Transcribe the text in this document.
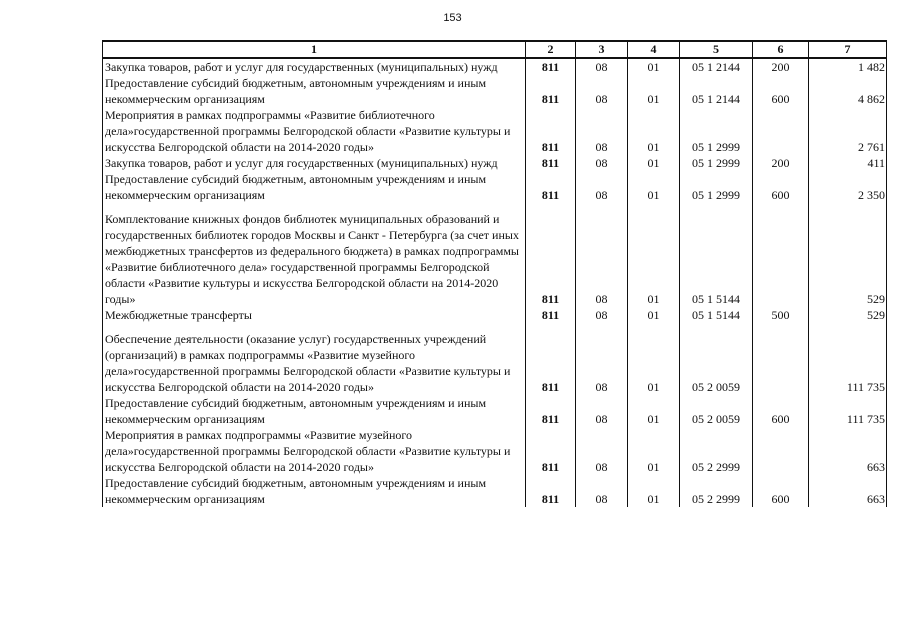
153
1	2	3	4	5	6	7
Закупка товаров, работ и услуг для государственных (муниципальных) нужд	811	08	01	05 1 2144	200	1 482
Предоставление субсидий бюджетным, автономным учреждениям и иным некоммерческим организациям	811	08	01	05 1 2144	600	4 862
Мероприятия в рамках подпрограммы «Развитие библиотечного дела»государственной программы Белгородской области «Развитие культуры и искусства Белгородской области на 2014-2020 годы»	811	08	01	05 1 2999		2 761
Закупка товаров, работ и услуг для государственных (муниципальных) нужд	811	08	01	05 1 2999	200	411
Предоставление субсидий бюджетным, автономным учреждениям и иным некоммерческим организациям	811	08	01	05 1 2999	600	2 350

Комплектование книжных фондов библиотек муниципальных образований и государственных библиотек городов Москвы и Санкт - Петербурга (за счет иных межбюджетных трансфертов из федерального бюджета) в рамках подпрограммы «Развитие библиотечного дела» государственной программы Белгородской области «Развитие культуры и искусства Белгородской области на 2014-2020 годы»	811	08	01	05 1 5144		529
Межбюджетные трансферты	811	08	01	05 1 5144	500	529

Обеспечение деятельности (оказание услуг) государственных учреждений (организаций) в рамках подпрограммы «Развитие музейного дела»государственной программы Белгородской области «Развитие культуры и искусства Белгородской области на 2014-2020 годы»	811	08	01	05 2 0059		111 735
Предоставление субсидий бюджетным, автономным учреждениям и иным некоммерческим организациям	811	08	01	05 2 0059	600	111 735
Мероприятия в рамках подпрограммы «Развитие музейного дела»государственной программы Белгородской области «Развитие культуры и искусства Белгородской области на 2014-2020 годы»	811	08	01	05 2 2999		663
Предоставление субсидий бюджетным, автономным учреждениям и иным некоммерческим организациям	811	08	01	05 2 2999	600	663
